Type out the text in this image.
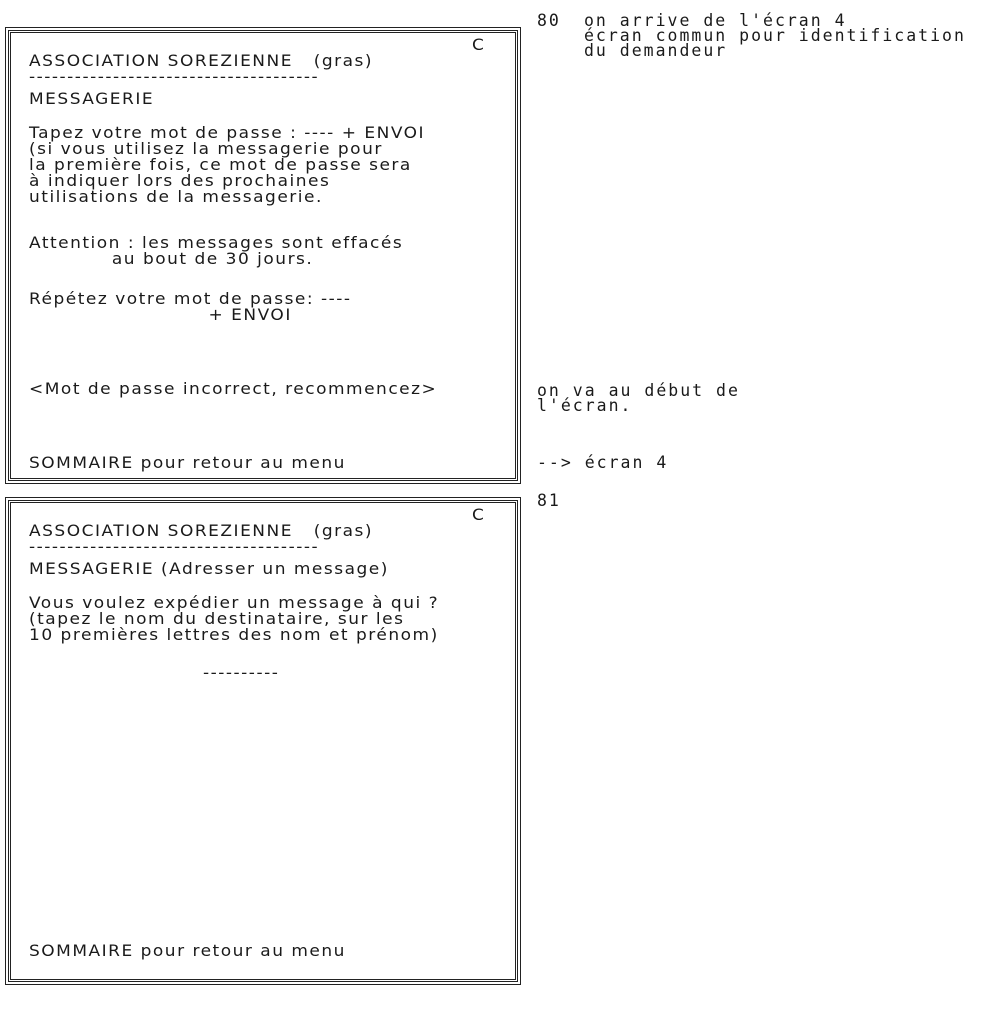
C
ASSOCIATION SOREZIENNE   (gras)
--------------------------------------
MESSAGERIE
Tapez votre mot de passe : ---- + ENVOI
(si vous utilisez la messagerie pour
la première fois, ce mot de passe sera
à indiquer lors des prochaines
utilisations de la messagerie.
Attention : les messages sont effacés
au bout de 30 jours.
Répétez votre mot de passe: ----
+ ENVOI
<Mot de passe incorrect, recommencez>
SOMMAIRE pour retour au menu
80 on arrive de l'écran 4
écran commun pour identification
du demandeur
on va au début de
l'écran.
--> écran 4
81
C
ASSOCIATION SOREZIENNE   (gras)
--------------------------------------
MESSAGERIE (Adresser un message)
Vous voulez expédier un message à qui ?
(tapez le nom du destinataire, sur les
10 premières lettres des nom et prénom)
----------
SOMMAIRE pour retour au menu
